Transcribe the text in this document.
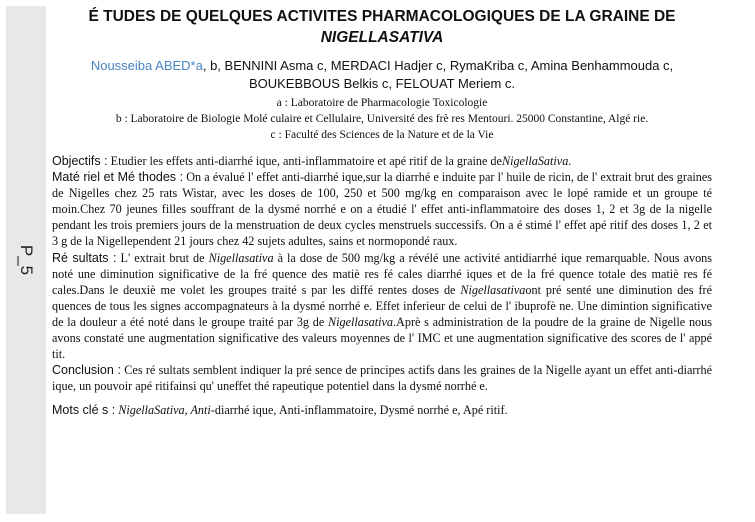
P_5
É TUDES DE QUELQUES ACTIVITES PHARMACOLOGIQUES DE LA GRAINE DE
NIGELLASATIVA
Nousseiba ABED*a, b, BENNINI Asma c, MERDACI Hadjer c, RymaKriba c, Amina Benhammouda c, BOUKEBBOUS Belkis c, FELOUAT Meriem c.
a : Laboratoire de Pharmacologie Toxicologie
b : Laboratoire de Biologie Molé culaire et Cellulaire, Université des frè res Mentouri. 25000 Constantine, Algé rie.
c : Faculté des Sciences de la Nature et de la Vie

Objectifs : Etudier les effets anti-diarrhé ique, anti-inflammatoire et apé ritif de la graine deNigellaSativa.

Maté riel et Mé thodes : On a évalué l' effet anti-diarrhé ique,sur la diarrhé e induite par l' huile de ricin, de l' extrait brut des graines de Nigelles chez 25 rats Wistar, avec les doses de 100, 250 et 500 mg/kg en comparaison avec le lopé ramide et un groupe té moin.Chez 70 jeunes filles souffrant de la dysmé norrhé e on a étudié l' effet anti-inflammatoire des doses 1, 2 et 3g de la nigelle pendant les trois premiers jours de la menstruation de deux cycles menstruels successifs. On a é stimé l' effet apé ritif des doses 1, 2 et 3 g de la Nigellependent 21 jours chez 42 sujets adultes, sains et normopondé raux.

Ré sultats : L' extrait brut de Nigellasativa à la dose de 500 mg/kg a révélé une activité antidiarrhé ique remarquable. Nous avons noté une diminution significative de la fré quence des matiè res fé cales diarrhé iques et de la fré quence totale des matiè res fé cales.Dans le deuxiè me volet les groupes traité s par les diffé rentes doses de Nigellasativaont pré senté une diminution des fré quences de tous les signes accompagnateurs à la dysmé norrhé e. Effet inferieur de celui de l' ibuprofè ne. Une dimintion significative de la douleur a été noté dans le groupe traité par 3g de Nigellasativa.Aprè s administration de la poudre de la graine de Nigelle nous avons constaté une augmentation significative des valeurs moyennes de l' IMC et une augmentation significative des scores de l' appé tit.

Conclusion : Ces ré sultats semblent indiquer la pré sence de principes actifs dans les graines de la Nigelle ayant un effet anti-diarrhé ique, un pouvoir apé ritifainsi qu' uneffet thé rapeutique potentiel dans la dysmé norrhé e.

Mots clé s : NigellaSativa, Anti-diarrhé ique, Anti-inflammatoire, Dysmé norrhé e, Apé ritif.
